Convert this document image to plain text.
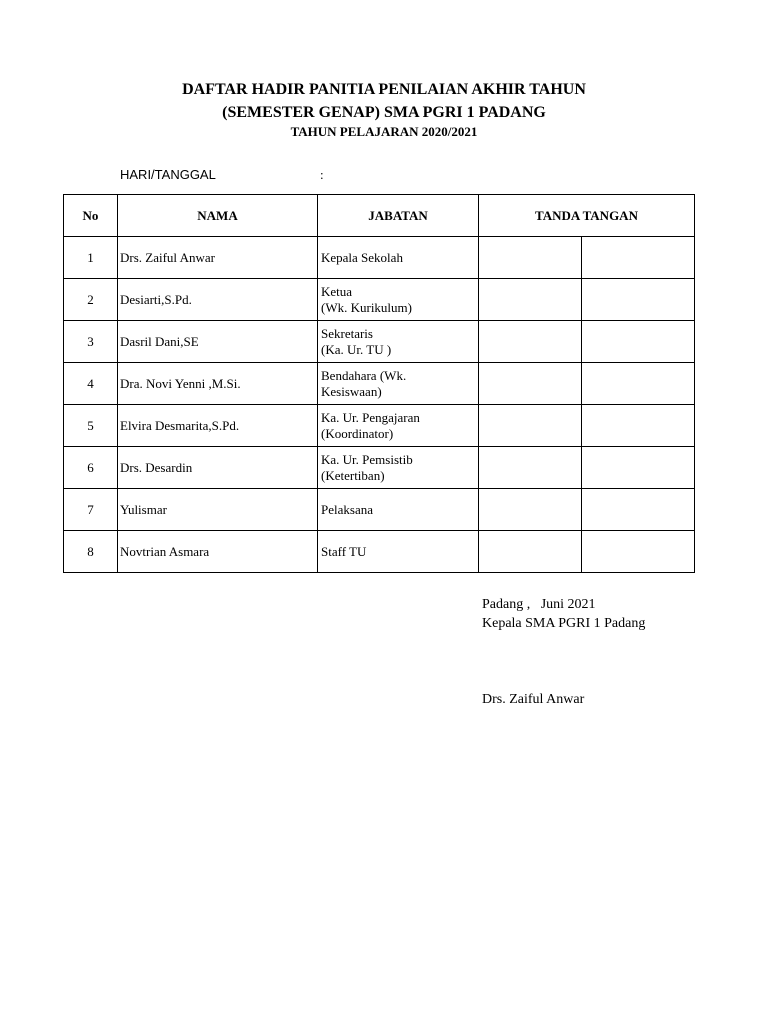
DAFTAR HADIR PANITIA PENILAIAN AKHIR TAHUN
(SEMESTER GENAP) SMA PGRI 1 PADANG
TAHUN PELAJARAN 2020/2021
HARI/TANGGAL	:
No	NAMA	JABATAN	TANDA TANGAN	
1	Drs. Zaiful Anwar	Kepala Sekolah		
2	Desiarti,S.Pd.	Ketua
(Wk. Kurikulum)		

3	Dasril Dani,SE	Sekretaris
(Ka. Ur. TU )		

4	Dra. Novi Yenni ,M.Si.	Bendahara (Wk.
Kesiswaan)		

5	Elvira Desmarita,S.Pd.	Ka. Ur. Pengajaran
(Koordinator)		

6	Drs. Desardin	Ka. Ur. Pemsistib
(Ketertiban)		

7	Yulismar	Pelaksana		
8	Novtrian Asmara	Staff TU		
Padang ,   Juni 2021
Kepala SMA PGRI 1 Padang
Drs. Zaiful Anwar
